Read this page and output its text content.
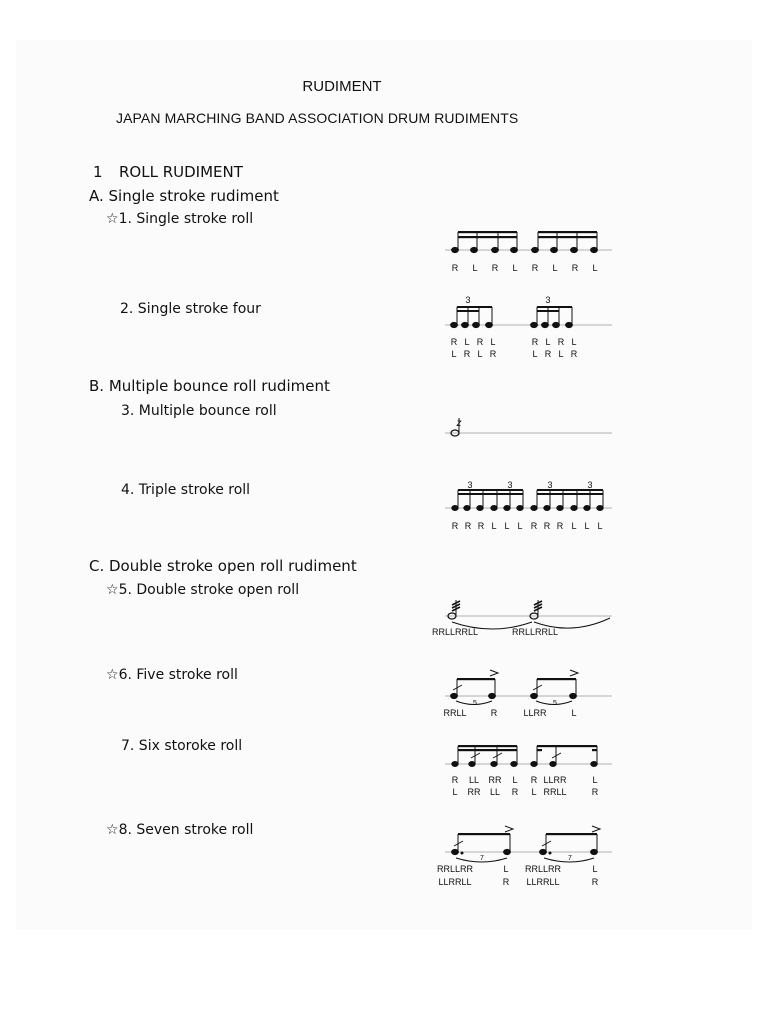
RUDIMENT
JAPAN MARCHING BAND ASSOCIATION DRUM RUDIMENTS
1 ROLL RUDIMENT
A. Single stroke rudiment
B. Multiple bounce roll rudiment
C. Double stroke open roll rudiment
☆1. Single stroke roll
2. Single stroke four
3. Multiple bounce roll
4. Triple stroke roll
☆5. Double stroke open roll
☆6. Five stroke roll
7. Six storoke roll
☆8. Seven stroke roll
R L R L R L R L
3	3
R L R L	R L R L
L R L R	L R L R
z
3	3	3	3
R R R L L L R R R L L L
RRLLRRLL	RRLLRRLL
5	5
RRLL	R	LLRR	L
R LL RR L R LLRR	L
L RR LL R L RRLL	R
7	7
RRLLRR	L RRLLRR	L
LLRRLL	R LLRRLL	R
